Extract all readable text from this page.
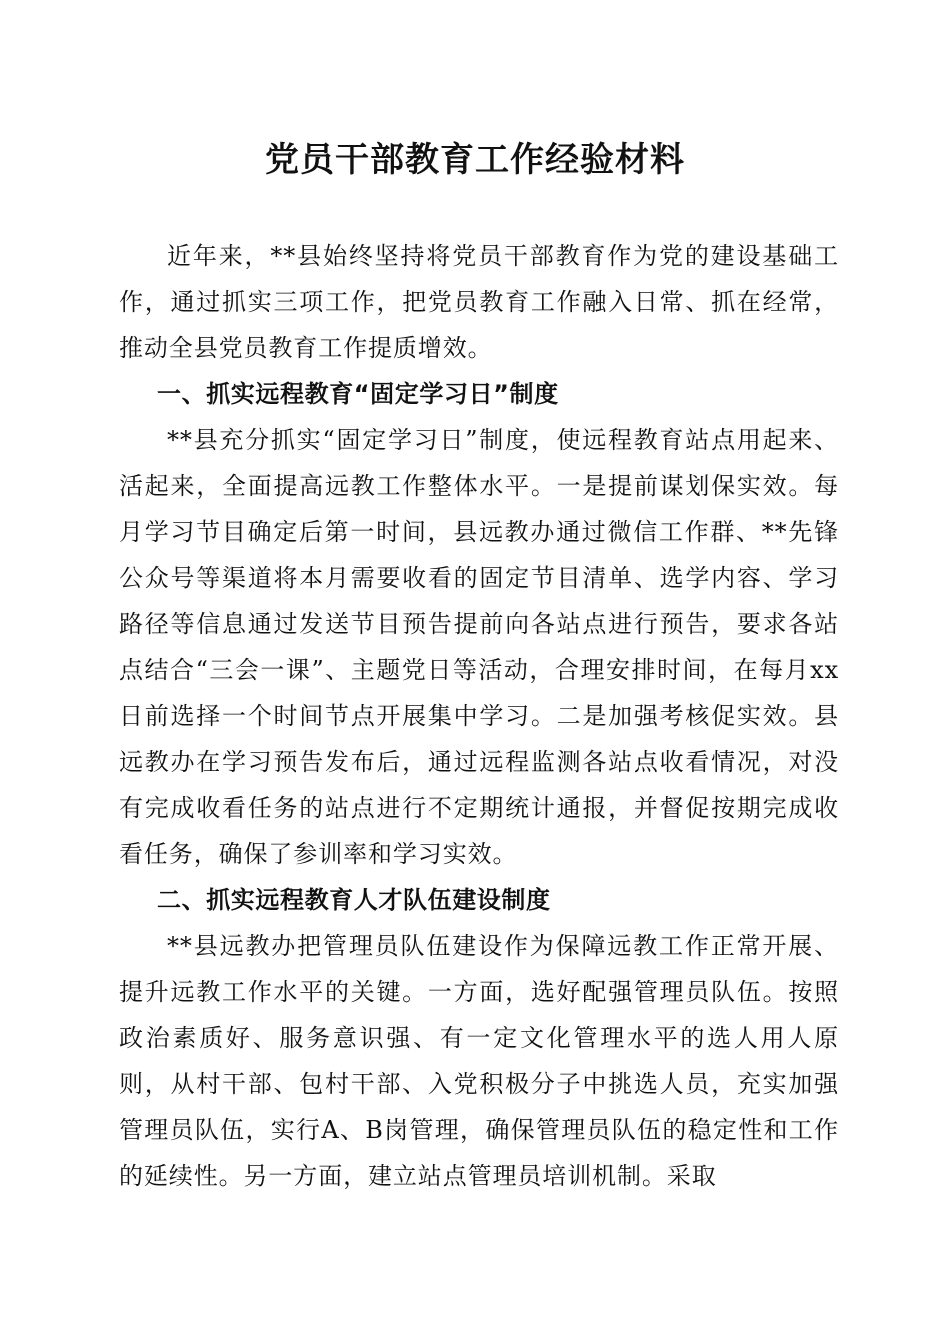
党员干部教育工作经验材料

近年来，**县始终坚持将党员干部教育作为党的建设基础工作，通过抓实三项工作，把党员教育工作融入日常、抓在经常，推动全县党员教育工作提质增效。

一、抓实远程教育“固定学习日”制度

**县充分抓实“固定学习日”制度，使远程教育站点用起来、活起来，全面提高远教工作整体水平。一是提前谋划保实效。每月学习节目确定后第一时间，县远教办通过微信工作群、**先锋公众号等渠道将本月需要收看的固定节目清单、选学内容、学习路径等信息通过发送节目预告提前向各站点进行预告，要求各站点结合“三会一课”、主题党日等活动，合理安排时间，在每月xx日前选择一个时间节点开展集中学习。二是加强考核促实效。县远教办在学习预告发布后，通过远程监测各站点收看情况，对没有完成收看任务的站点进行不定期统计通报，并督促按期完成收看任务，确保了参训率和学习实效。

二、抓实远程教育人才队伍建设制度

**县远教办把管理员队伍建设作为保障远教工作正常开展、提升远教工作水平的关键。一方面，选好配强管理员队伍。按照政治素质好、服务意识强、有一定文化管理水平的选人用人原则，从村干部、包村干部、入党积极分子中挑选人员，充实加强管理员队伍，实行A、B岗管理，确保管理员队伍的稳定性和工作的延续性。另一方面，建立站点管理员培训机制。采取
